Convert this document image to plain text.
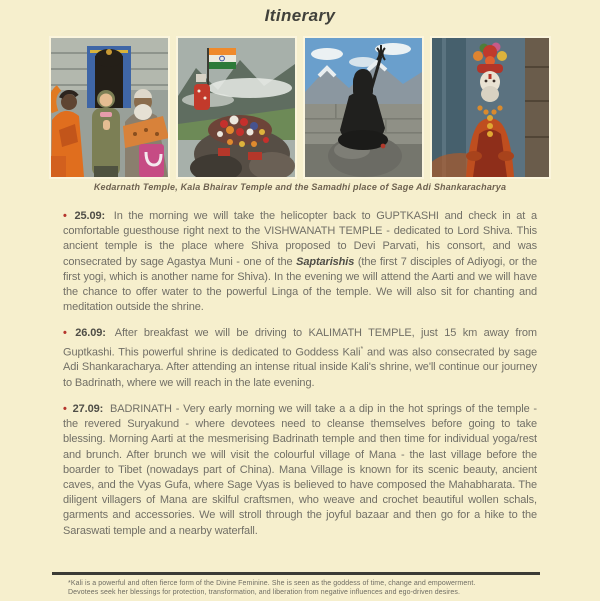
Itinerary
Kedarnath Temple, Kala Bhairav Temple and the Samadhi place of Sage Adi Shankaracharya

• 25.09: In the morning we will take the helicopter back to GUPTKASHI and check in at a comfortable guesthouse right next to the VISHWANATH TEMPLE - dedicated to Lord Shiva. This ancient temple is the place where Shiva proposed to Devi Parvati, his consort, and was consecrated by sage Agastya Muni - one of the Saptarishis (the first 7 disciples of Adiyogi, or the first yogi, which is another name for Shiva). In the evening we will attend the Aarti and we will have the chance to offer water to the powerful Linga of the temple. We will also sit for chanting and meditation outside the shrine.

• 26.09: After breakfast we will be driving to KALIMATH TEMPLE, just 15 km away from Guptkashi. This powerful shrine is dedicated to Goddess Kali* and was also consecrated by sage Adi Shankaracharya. After attending an intense ritual inside Kali's shrine, we'll continue our journey to Badrinath, where we will reach in the late evening.

• 27.09: BADRINATH - Very early morning we will take a a dip in the hot springs of the temple - the revered Suryakund - where devotees need to cleanse themselves before going to take blessing. Morning Aarti at the mesmerising Badrinath temple and then time for individual yoga/rest and brunch. After brunch we will visit the colourful village of Mana - the last village before the boarder to Tibet (nowadays part of China). Mana Village is known for its scenic beauty, ancient caves, and the Vyas Gufa, where Sage Vyas is believed to have composed the Mahabharata. The diligent villagers of Mana are skilful craftsmen, who weave and crochet beautiful wollen schals, garments and accessories. We will stroll through the joyful bazaar and then go for a hike to the Saraswati temple and a nearby waterfall.

*Kali is a powerful and often fierce form of the Divine Feminine. She is seen as the goddess of time, change and empowerment.
Devotees seek her blessings for protection, transformation, and liberation from negative influences and ego-driven desires.
